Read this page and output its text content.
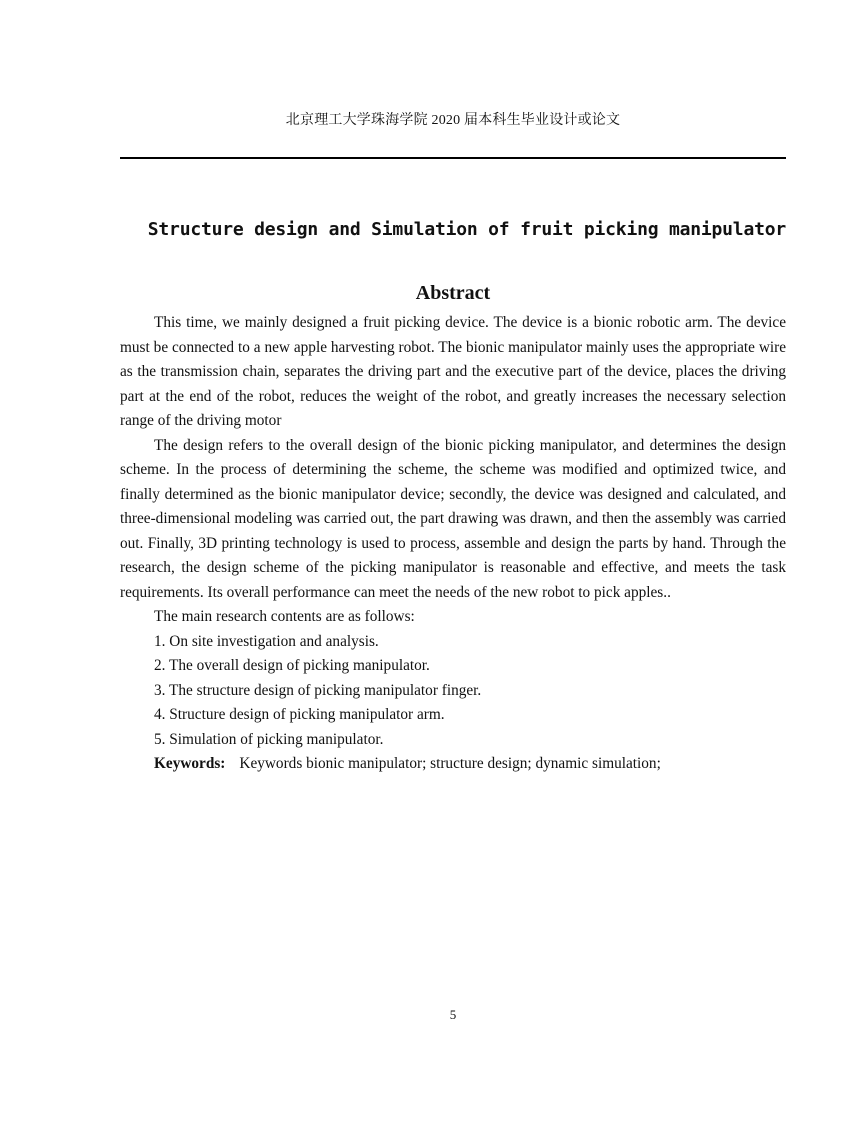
北京理工大学珠海学院 2020 届本科生毕业设计或论文
Structure design and Simulation of fruit picking manipulator
Abstract

This time, we mainly designed a fruit picking device. The device is a bionic robotic arm. The device must be connected to a new apple harvesting robot. The bionic manipulator mainly uses the appropriate wire as the transmission chain, separates the driving part and the executive part of the device, places the driving part at the end of the robot, reduces the weight of the robot, and greatly increases the necessary selection range of the driving motor

The design refers to the overall design of the bionic picking manipulator, and determines the design scheme. In the process of determining the scheme, the scheme was modified and optimized twice, and finally determined as the bionic manipulator device; secondly, the device was designed and calculated, and three-dimensional modeling was carried out, the part drawing was drawn, and then the assembly was carried out. Finally, 3D printing technology is used to process, assemble and design the parts by hand. Through the research, the design scheme of the picking manipulator is reasonable and effective, and meets the task requirements. Its overall performance can meet the needs of the new robot to pick apples..

The main research contents are as follows:

1. On site investigation and analysis.
2. The overall design of picking manipulator.
3. The structure design of picking manipulator finger.
4. Structure design of picking manipulator arm.
5. Simulation of picking manipulator.
Keywords: Keywords bionic manipulator; structure design; dynamic simulation;
5
